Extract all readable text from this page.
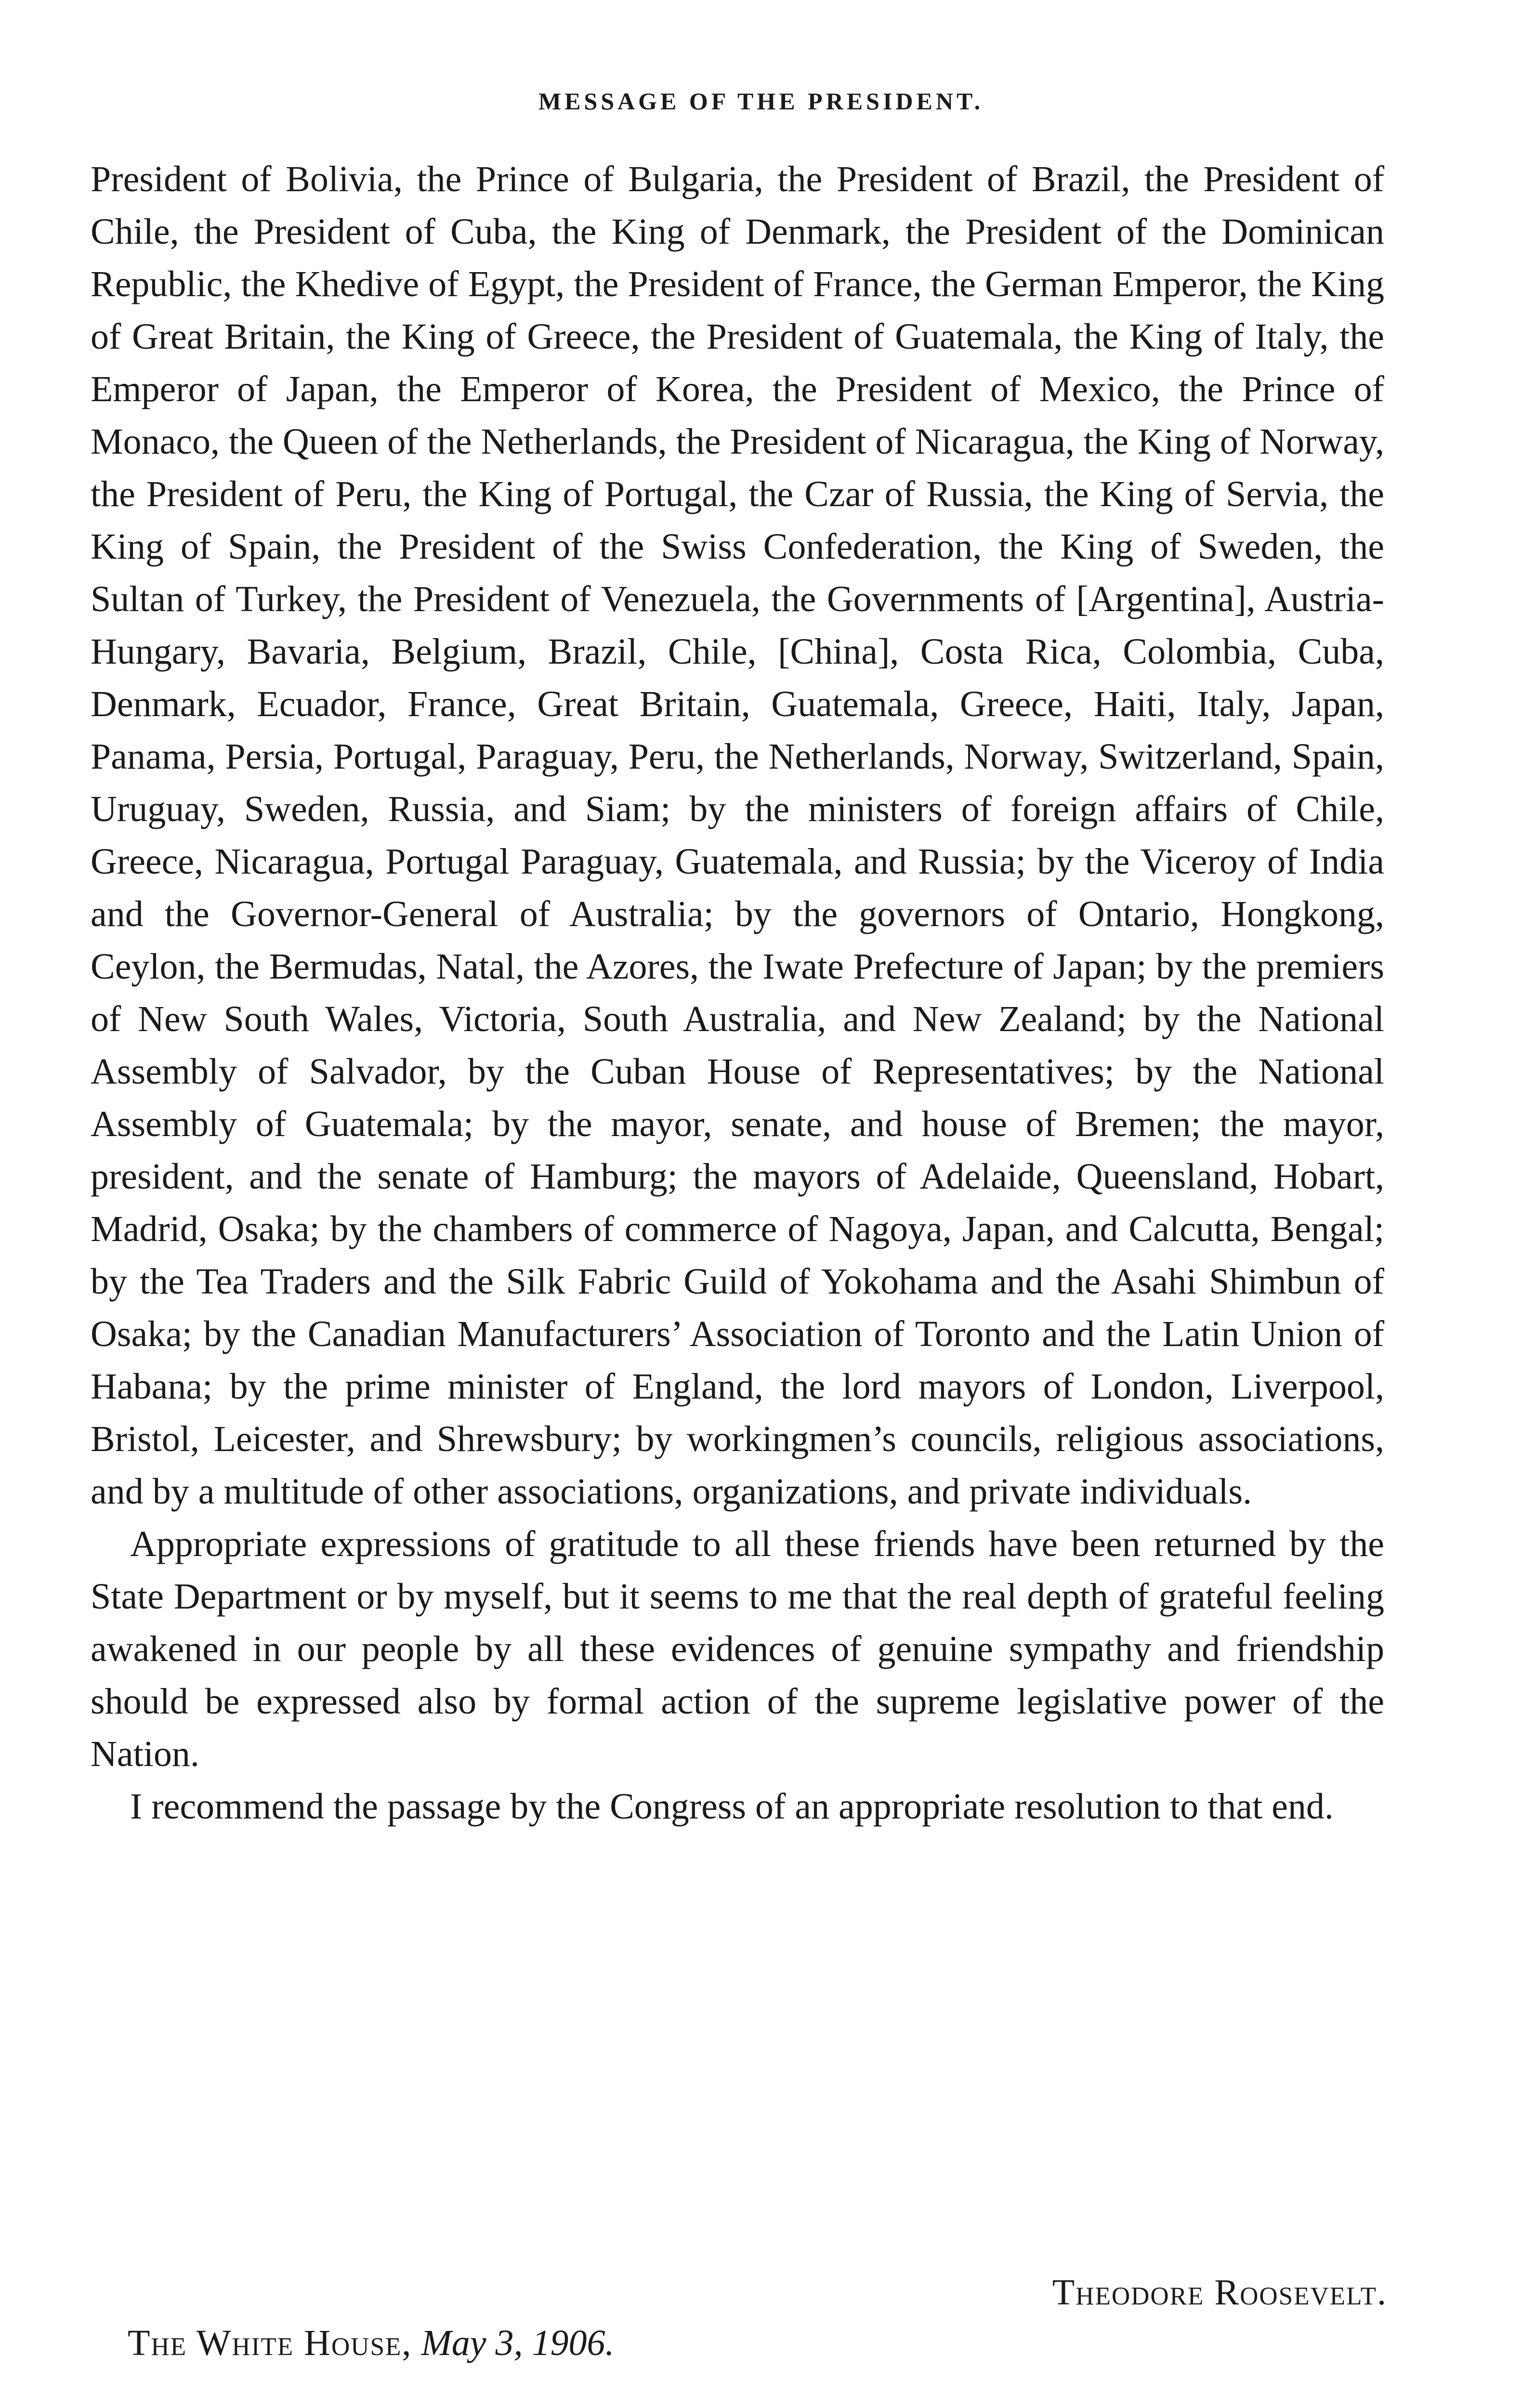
MESSAGE OF THE PRESIDENT.

President of Bolivia, the Prince of Bulgaria, the President of Brazil, the President of Chile, the President of Cuba, the King of Denmark, the President of the Dominican Republic, the Khedive of Egypt, the President of France, the German Emperor, the King of Great Britain, the King of Greece, the President of Guatemala, the King of Italy, the Emperor of Japan, the Emperor of Korea, the President of Mexico, the Prince of Monaco, the Queen of the Netherlands, the President of Nicaragua, the King of Norway, the President of Peru, the King of Portugal, the Czar of Russia, the King of Servia, the King of Spain, the President of the Swiss Confederation, the King of Sweden, the Sultan of Turkey, the President of Venezuela, the Governments of [Argentina], Austria-Hungary, Bavaria, Belgium, Brazil, Chile, [China], Costa Rica, Colombia, Cuba, Denmark, Ecuador, France, Great Britain, Guatemala, Greece, Haiti, Italy, Japan, Panama, Persia, Portugal, Paraguay, Peru, the Netherlands, Norway, Switzerland, Spain, Uruguay, Sweden, Russia, and Siam; by the ministers of foreign affairs of Chile, Greece, Nicaragua, Portugal Paraguay, Guatemala, and Russia; by the Viceroy of India and the Governor-General of Australia; by the governors of Ontario, Hongkong, Ceylon, the Bermudas, Natal, the Azores, the Iwate Prefecture of Japan; by the premiers of New South Wales, Victoria, South Australia, and New Zealand; by the National Assembly of Salvador, by the Cuban House of Representatives; by the National Assembly of Guatemala; by the mayor, senate, and house of Bremen; the mayor, president, and the senate of Hamburg; the mayors of Adelaide, Queensland, Hobart, Madrid, Osaka; by the chambers of commerce of Nagoya, Japan, and Calcutta, Bengal; by the Tea Traders and the Silk Fabric Guild of Yokohama and the Asahi Shimbun of Osaka; by the Canadian Manufacturers’ Association of Toronto and the Latin Union of Habana; by the prime minister of England, the lord mayors of London, Liverpool, Bristol, Leicester, and Shrewsbury; by workingmen’s councils, religious associations, and by a multitude of other associations, organizations, and private individuals.

Appropriate expressions of gratitude to all these friends have been returned by the State Department or by myself, but it seems to me that the real depth of grateful feeling awakened in our people by all these evidences of genuine sympathy and friendship should be expressed also by formal action of the supreme legislative power of the Nation.

I recommend the passage by the Congress of an appropriate resolution to that end.

Theodore Roosevelt.
The White House, May 3, 1906.
